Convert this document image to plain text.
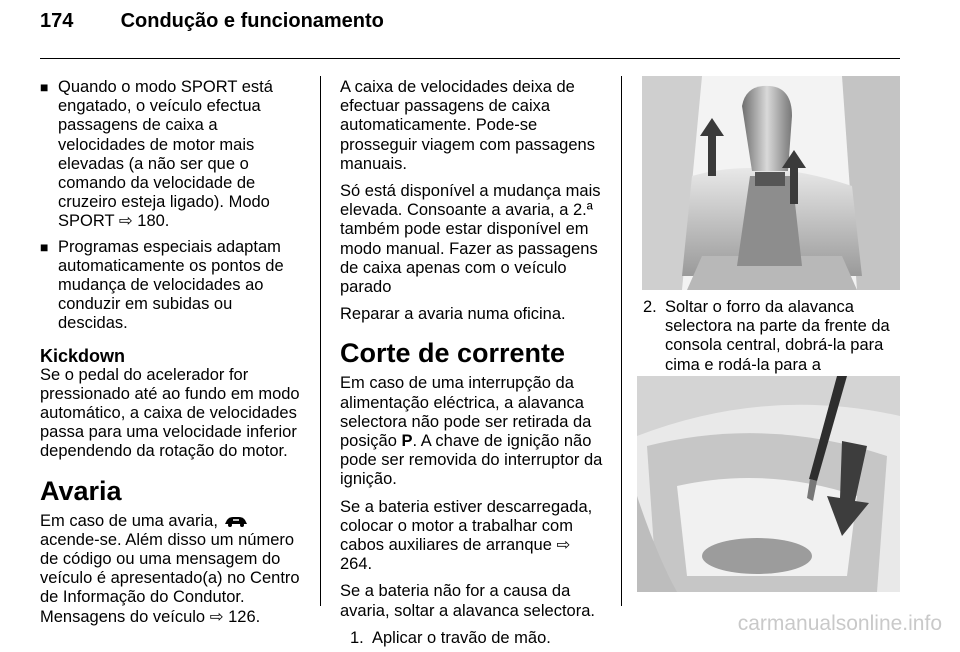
174 Condução e funcionamento
■ Quando o modo SPORT está engatado, o veículo efectua passagens de caixa a velocidades de motor mais elevadas (a não ser que o comando da velocidade de cruzeiro esteja ligado). Modo SPORT ⇨ 180.
■ Programas especiais adaptam automaticamente os pontos de mudança de velocidades ao conduzir em subidas ou descidas.
Kickdown

Se o pedal do acelerador for pressionado até ao fundo em modo automático, a caixa de velocidades passa para uma velocidade inferior dependendo da rotação do motor.

Avaria

Em caso de uma avaria,  acende-se. Além disso um número de código ou uma mensagem do veículo é apresentado(a) no Centro de Informação do Condutor. Mensagens do veículo ⇨ 126.

A caixa de velocidades deixa de efectuar passagens de caixa automaticamente. Pode-se prosseguir viagem com passagens manuais.

Só está disponível a mudança mais elevada. Consoante a avaria, a 2.ª também pode estar disponível em modo manual. Fazer as passagens de caixa apenas com o veículo parado

Reparar a avaria numa oficina.

Corte de corrente

Em caso de uma interrupção da alimentação eléctrica, a alavanca selectora não pode ser retirada da posição P. A chave de ignição não pode ser removida do interruptor da ignição.

Se a bateria estiver descarregada, colocar o motor a trabalhar com cabos auxiliares de arranque ⇨ 264.

Se a bateria não for a causa da avaria, soltar a alavanca selectora.

1. Aplicar o travão de mão.
2. Soltar o forro da alavanca selectora na parte da frente da consola central, dobrá-la para cima e rodá-la para a
carmanualsonline.info
